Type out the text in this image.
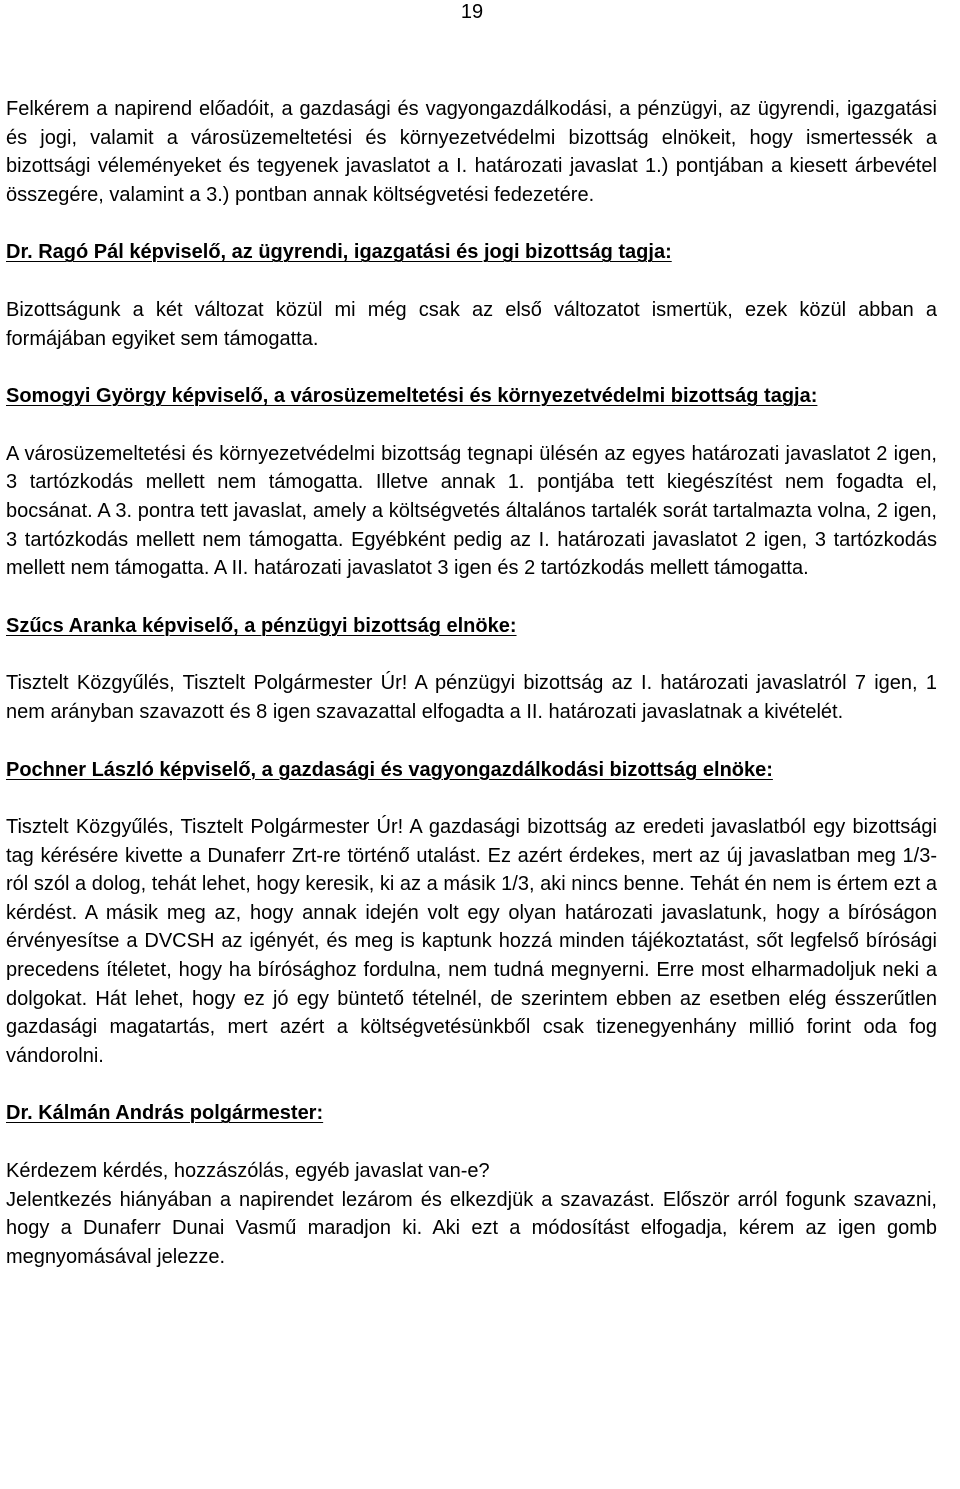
19

Felkérem a napirend előadóit, a gazdasági és vagyongazdálkodási, a pénzügyi, az ügyrendi, igazgatási és jogi, valamit a városüzemeltetési és környezetvédelmi bizottság elnökeit, hogy ismertessék a bizottsági véleményeket és tegyenek javaslatot a I. határozati javaslat 1.) pontjában a kiesett árbevétel összegére, valamint a 3.) pontban annak költségvetési fedezetére.

Dr. Ragó Pál képviselő, az ügyrendi, igazgatási és jogi bizottság tagja:

Bizottságunk a két változat közül mi még csak az első változatot ismertük, ezek közül abban a formájában egyiket sem támogatta.

Somogyi György képviselő, a városüzemeltetési és környezetvédelmi bizottság tagja:

A városüzemeltetési és környezetvédelmi bizottság tegnapi ülésén az egyes határozati javaslatot 2 igen, 3 tartózkodás mellett nem támogatta. Illetve annak 1. pontjába tett kiegészítést nem fogadta el, bocsánat. A 3. pontra tett javaslat, amely a költségvetés általános tartalék sorát tartalmazta volna, 2 igen, 3 tartózkodás mellett nem támogatta. Egyébként pedig az I. határozati javaslatot 2 igen, 3 tartózkodás mellett nem támogatta. A II. határozati javaslatot 3 igen és 2 tartózkodás mellett támogatta.

Szűcs Aranka képviselő, a pénzügyi bizottság elnöke:

Tisztelt Közgyűlés, Tisztelt Polgármester Úr! A pénzügyi bizottság az I. határozati javaslatról 7 igen, 1 nem arányban szavazott és 8 igen szavazattal elfogadta a II. határozati javaslatnak a kivételét.

Pochner László képviselő, a gazdasági és vagyongazdálkodási bizottság elnöke:

Tisztelt Közgyűlés, Tisztelt Polgármester Úr! A gazdasági bizottság az eredeti javaslatból egy bizottsági tag kérésére kivette a Dunaferr Zrt-re történő utalást. Ez azért érdekes, mert az új javaslatban meg 1/3-ról szól a dolog, tehát lehet, hogy keresik, ki az a másik 1/3, aki nincs benne. Tehát én nem is értem ezt a kérdést. A másik meg az, hogy annak idején volt egy olyan határozati javaslatunk, hogy a bíróságon érvényesítse a DVCSH az igényét, és meg is kaptunk hozzá minden tájékoztatást, sőt legfelső bírósági precedens ítéletet, hogy ha bírósághoz fordulna, nem tudná megnyerni. Erre most elharmadoljuk neki a dolgokat. Hát lehet, hogy ez jó egy büntető tételnél, de szerintem ebben az esetben elég ésszerűtlen gazdasági magatartás, mert azért a költségvetésünkből csak tizenegyenhány millió forint oda fog vándorolni.

Dr. Kálmán András polgármester:

Kérdezem kérdés, hozzászólás, egyéb javaslat van-e?

Jelentkezés hiányában a napirendet lezárom és elkezdjük a szavazást. Először arról fogunk szavazni, hogy a Dunaferr Dunai Vasmű maradjon ki. Aki ezt a módosítást elfogadja, kérem az igen gomb megnyomásával jelezze.
